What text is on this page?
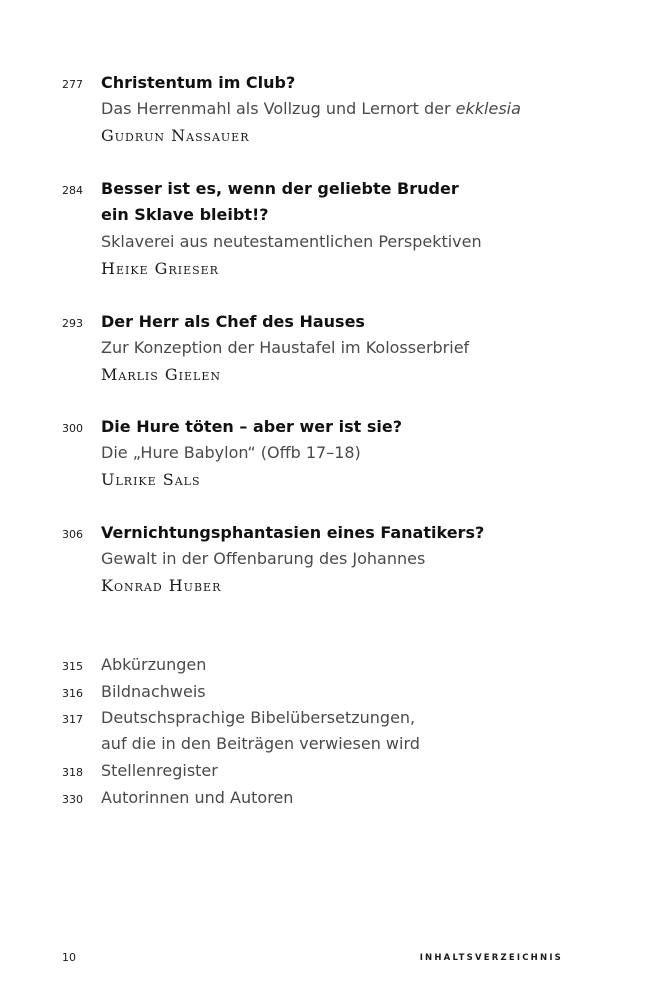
277 Christentum im Club?
Das Herrenmahl als Vollzug und Lernort der ekklesia
Gudrun Nassauer
284 Besser ist es, wenn der geliebte Bruder
ein Sklave bleibt!?
Sklaverei aus neutestamentlichen Perspektiven
Heike Grieser
293 Der Herr als Chef des Hauses
Zur Konzeption der Haustafel im Kolosserbrief
Marlis Gielen
300 Die Hure töten – aber wer ist sie?
Die „Hure Babylon“ (Offb 17–18)
Ulrike Sals
306 Vernichtungsphantasien eines Fanatikers?
Gewalt in der Offenbarung des Johannes
Konrad Huber
315 Abkürzungen
316 Bildnachweis
317 Deutschsprachige Bibelübersetzungen,
auf die in den Beiträgen verwiesen wird
318 Stellenregister
330 Autorinnen und Autoren
10	INHALTSVERZEICHNIS
